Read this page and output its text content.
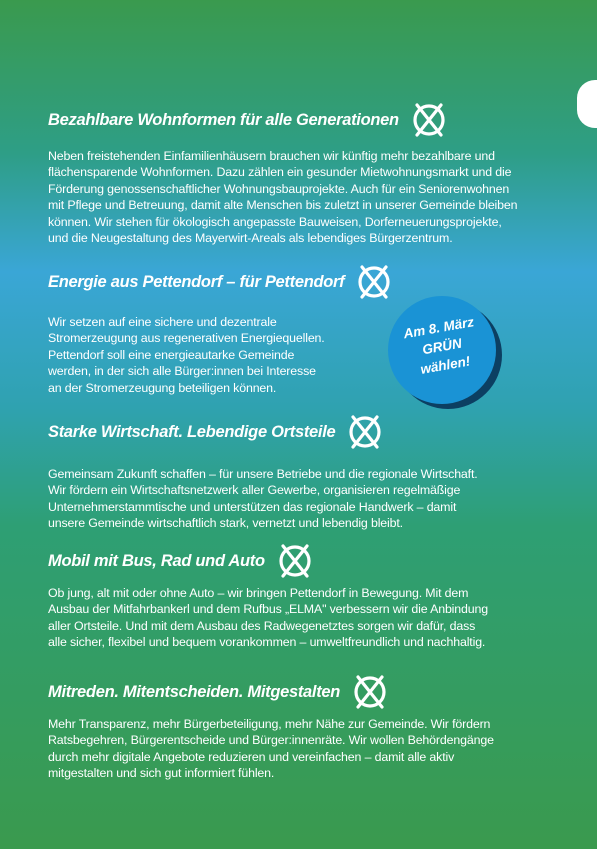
Bezahlbare Wohnformen für alle Generationen
Neben freistehenden Einfamilienhäusern brauchen wir künftig mehr bezahlbare und
flächensparende Wohnformen. Dazu zählen ein gesunder Mietwohnungsmarkt und die
Förderung genossenschaftlicher Wohnungsbauprojekte. Auch für ein Seniorenwohnen
mit Pflege und Betreuung, damit alte Menschen bis zuletzt in unserer Gemeinde bleiben
können. Wir stehen für ökologisch angepasste Bauweisen, Dorferneuerungsprojekte,
und die Neugestaltung des Mayerwirt-Areals als lebendiges Bürgerzentrum.
Energie aus Pettendorf – für Pettendorf
Wir setzen auf eine sichere und dezentrale
Stromerzeugung aus regenerativen Energiequellen.
Pettendorf soll eine energieautarke Gemeinde
werden, in der sich alle Bürger:innen bei Interesse
an der Stromerzeugung beteiligen können.
Am 8. März
GRÜN
wählen!
Starke Wirtschaft. Lebendige Ortsteile
Gemeinsam Zukunft schaffen – für unsere Betriebe und die regionale Wirtschaft.
Wir fördern ein Wirtschaftsnetzwerk aller Gewerbe, organisieren regelmäßige
Unternehmerstammtische und unterstützen das regionale Handwerk – damit
unsere Gemeinde wirtschaftlich stark, vernetzt und lebendig bleibt.
Mobil mit Bus, Rad und Auto
Ob jung, alt mit oder ohne Auto – wir bringen Pettendorf in Bewegung. Mit dem
Ausbau der Mitfahrbankerl und dem Rufbus „ELMA" verbessern wir die Anbindung
aller Ortsteile. Und mit dem Ausbau des Radwegenetztes sorgen wir dafür, dass
alle sicher, flexibel und bequem vorankommen – umweltfreundlich und nachhaltig.
Mitreden. Mitentscheiden. Mitgestalten
Mehr Transparenz, mehr Bürgerbeteiligung, mehr Nähe zur Gemeinde. Wir fördern
Ratsbegehren, Bürgerentscheide und Bürger:innenräte. Wir wollen Behördengänge
durch mehr digitale Angebote reduzieren und vereinfachen – damit alle aktiv
mitgestalten und sich gut informiert fühlen.
